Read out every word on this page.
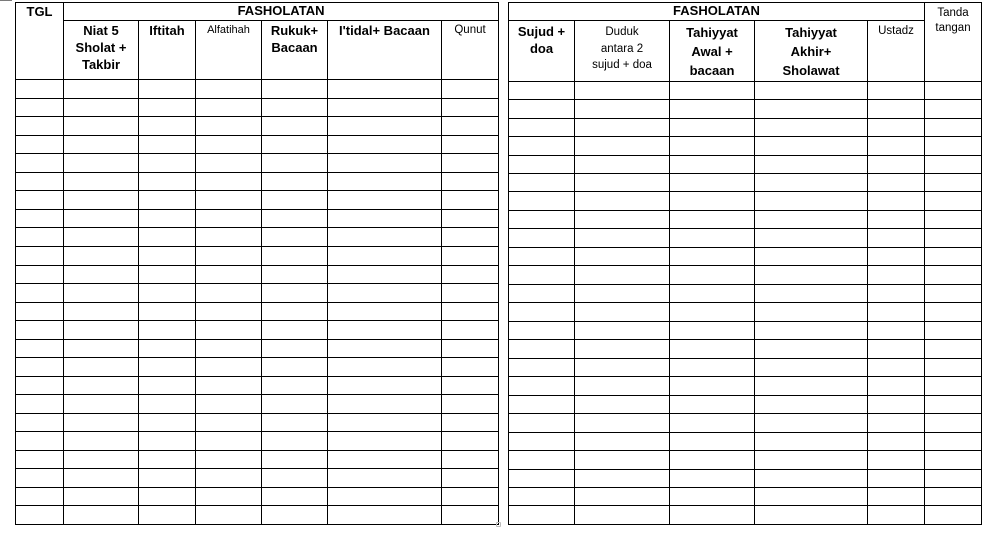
TGL	FASHOLATAN					
	Niat 5 Sholat + Takbir	Iftitah	Alfatihah	Rukuk+ Bacaan	I'tidal+ Bacaan	Qunut

FASHOLATAN					Tanda tangan
Sujud + doa	Duduk antara 2 sujud + doa	Tahiyyat Awal + bacaan	Tahiyyat Akhir+ Sholawat	Ustadz	
